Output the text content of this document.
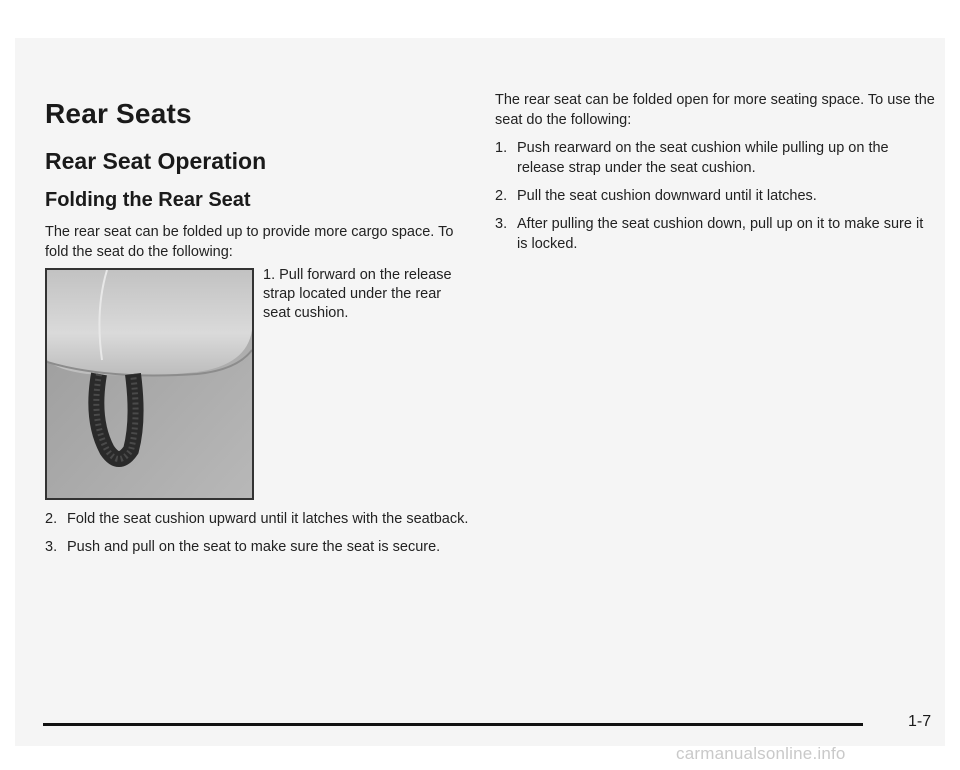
Rear Seats
Rear Seat Operation
Folding the Rear Seat

The rear seat can be folded up to provide more cargo space. To fold the seat do the following:

1. Pull forward on the release strap located under the rear seat cushion.
2. Fold the seat cushion upward until it latches with the seatback.
3. Push and pull on the seat to make sure the seat is secure.

The rear seat can be folded open for more seating space. To use the seat do the following:

1. Push rearward on the seat cushion while pulling up on the release strap under the seat cushion.
2. Pull the seat cushion downward until it latches.
3. After pulling the seat cushion down, pull up on it to make sure it is locked.
1-7
carmanualsonline.info
